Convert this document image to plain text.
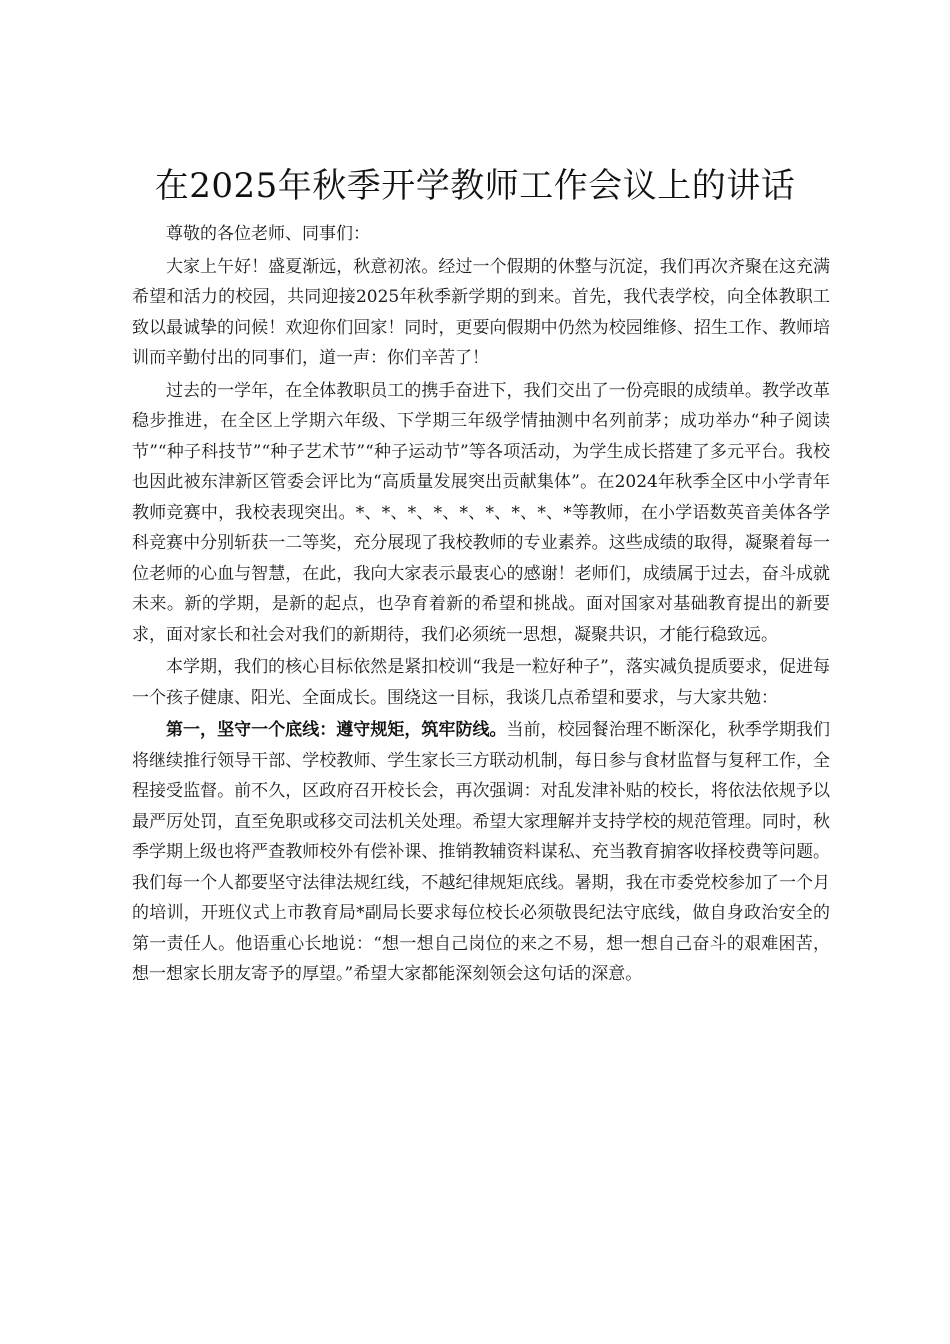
在2025年秋季开学教师工作会议上的讲话

尊敬的各位老师、同事们：

大家上午好！盛夏渐远，秋意初浓。经过一个假期的休整与沉淀，我们再次齐聚在这充满希望和活力的校园，共同迎接2025年秋季新学期的到来。首先，我代表学校，向全体教职工致以最诚挚的问候！欢迎你们回家！同时，更要向假期中仍然为校园维修、招生工作、教师培训而辛勤付出的同事们，道一声：你们辛苦了！

过去的一学年，在全体教职员工的携手奋进下，我们交出了一份亮眼的成绩单。教学改革稳步推进，在全区上学期六年级、下学期三年级学情抽测中名列前茅；成功举办“种子阅读节”“种子科技节”“种子艺术节”“种子运动节”等各项活动，为学生成长搭建了多元平台。我校也因此被东津新区管委会评比为“高质量发展突出贡献集体”。在2024年秋季全区中小学青年教师竞赛中，我校表现突出。*、*、*、*、*、*、*、*、*等教师，在小学语数英音美体各学科竞赛中分别斩获一二等奖，充分展现了我校教师的专业素养。这些成绩的取得，凝聚着每一位老师的心血与智慧，在此，我向大家表示最衷心的感谢！老师们，成绩属于过去，奋斗成就未来。新的学期，是新的起点，也孕育着新的希望和挑战。面对国家对基础教育提出的新要求，面对家长和社会对我们的新期待，我们必须统一思想，凝聚共识，才能行稳致远。

本学期，我们的核心目标依然是紧扣校训“我是一粒好种子”，落实减负提质要求，促进每一个孩子健康、阳光、全面成长。围绕这一目标，我谈几点希望和要求，与大家共勉：

第一，坚守一个底线：遵守规矩，筑牢防线。当前，校园餐治理不断深化，秋季学期我们将继续推行领导干部、学校教师、学生家长三方联动机制，每日参与食材监督与复秤工作，全程接受监督。前不久，区政府召开校长会，再次强调：对乱发津补贴的校长，将依法依规予以最严厉处罚，直至免职或移交司法机关处理。希望大家理解并支持学校的规范管理。同时，秋季学期上级也将严查教师校外有偿补课、推销教辅资料谋私、充当教育掮客收择校费等问题。我们每一个人都要坚守法律法规红线，不越纪律规矩底线。暑期，我在市委党校参加了一个月的培训，开班仪式上市教育局*副局长要求每位校长必须敬畏纪法守底线，做自身政治安全的第一责任人。他语重心长地说：“想一想自己岗位的来之不易，想一想自己奋斗的艰难困苦，想一想家长朋友寄予的厚望。”希望大家都能深刻领会这句话的深意。
